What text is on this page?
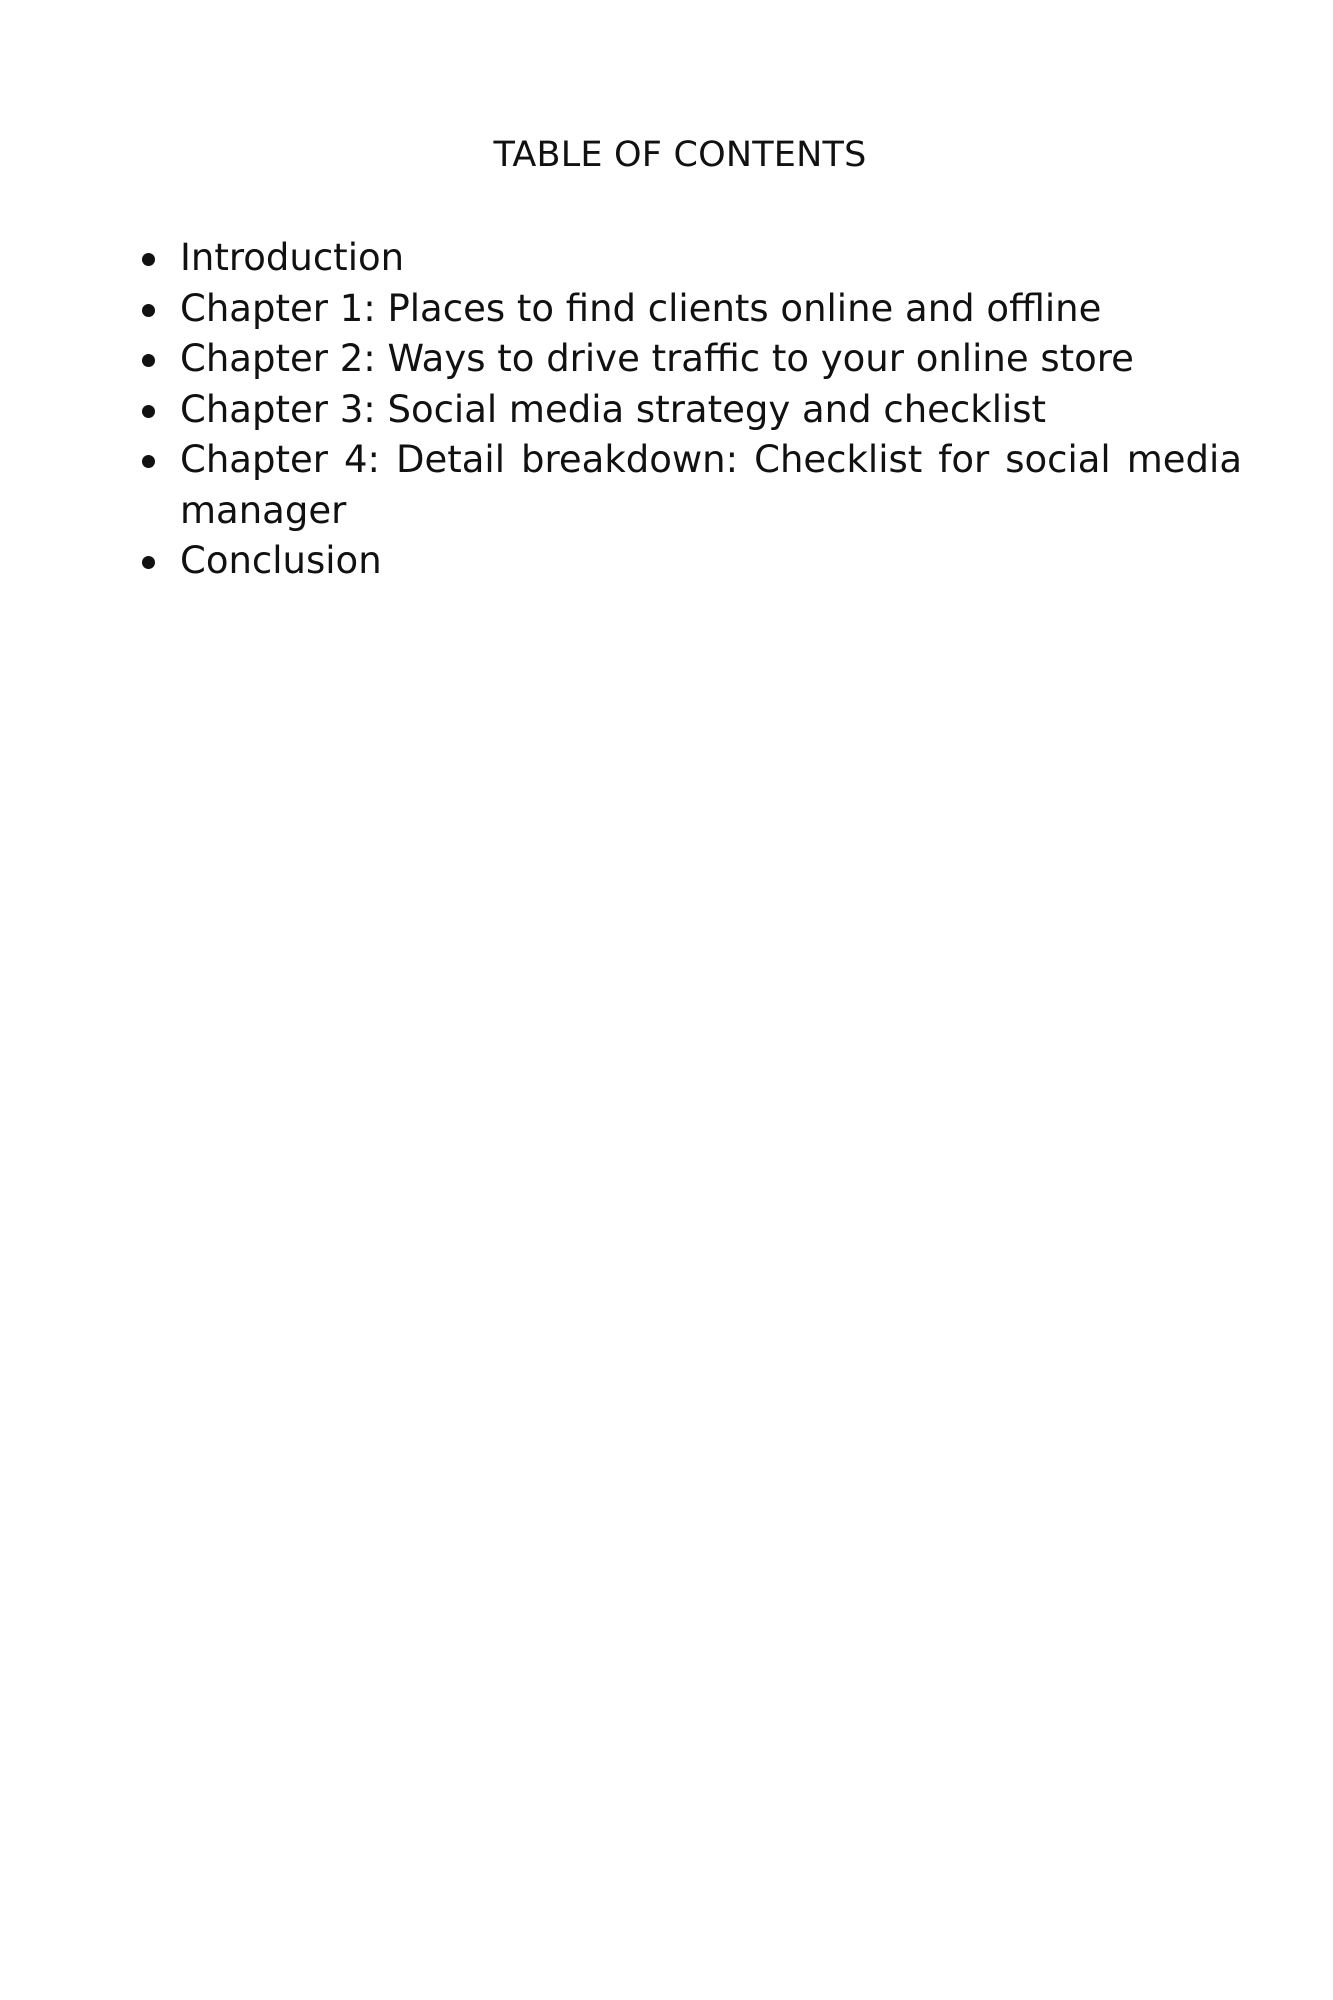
TABLE OF CONTENTS
Introduction
Chapter 1: Places to find clients online and offline
Chapter 2: Ways to drive traffic to your online store
Chapter 3: Social media strategy and checklist
Chapter 4: Detail breakdown: Checklist for social media manager
Conclusion
